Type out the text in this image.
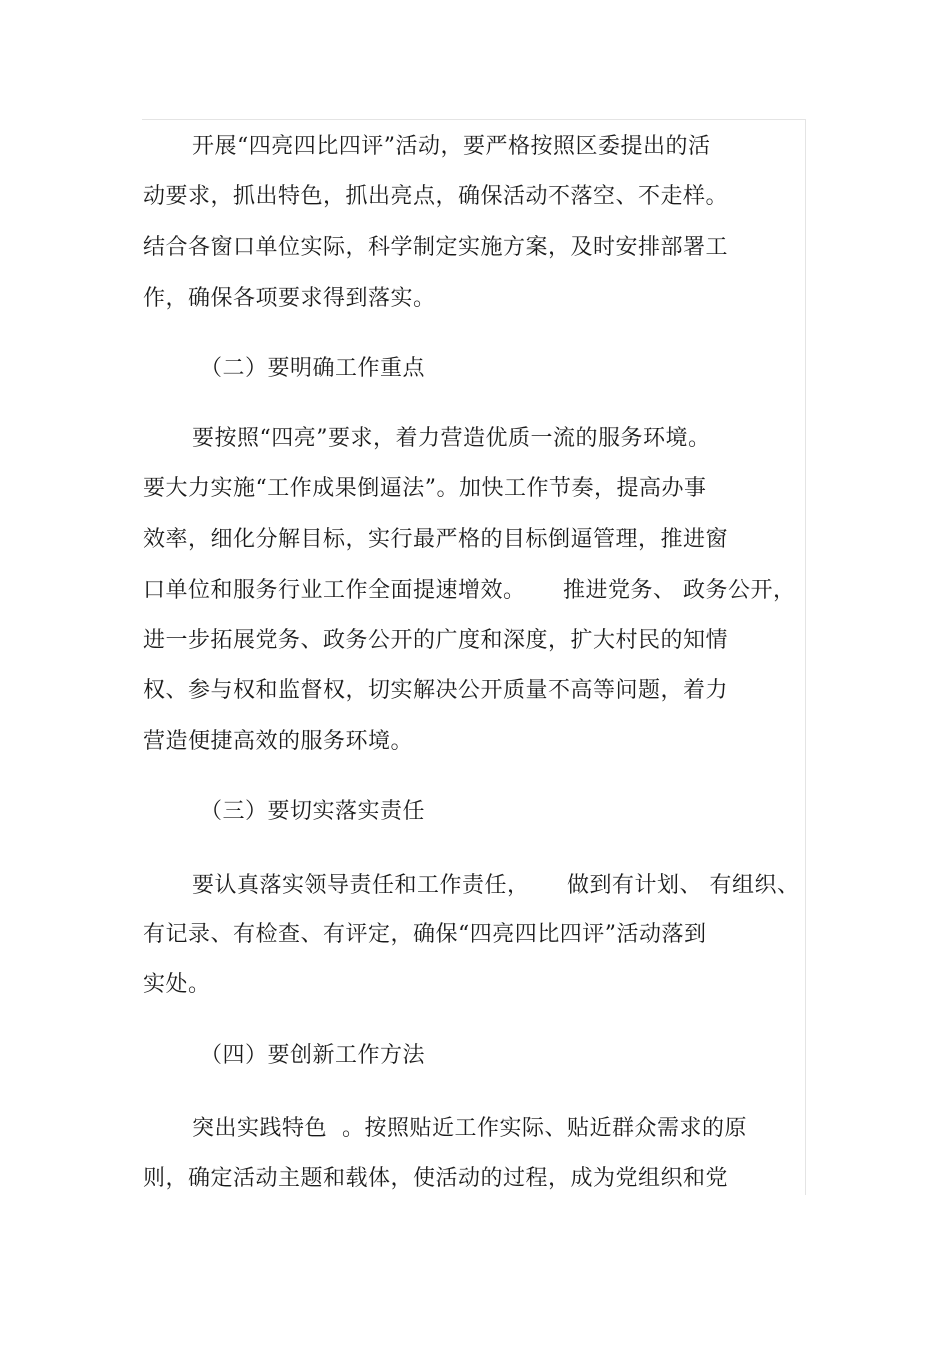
开展“四亮四比四评”活动，要严格按照区委提出的活
动要求，抓出特色，抓出亮点，确保活动不落空、不走样。
结合各窗口单位实际，科学制定实施方案，及时安排部署工
作，确保各项要求得到落实。
（二）要明确工作重点
要按照“四亮”要求，着力营造优质一流的服务环境。
要大力实施“工作成果倒逼法”。加快工作节奏，提高办事
效率，细化分解目标，实行最严格的目标倒逼管理，推进窗
口单位和服务行业工作全面提速增效。     推进党务、 政务公开，
进一步拓展党务、政务公开的广度和深度，扩大村民的知情
权、参与权和监督权，切实解决公开质量不高等问题，着力
营造便捷高效的服务环境。
（三）要切实落实责任
要认真落实领导责任和工作责任，     做到有计划、 有组织、
有记录、有检查、有评定，确保“四亮四比四评”活动落到
实处。
（四）要创新工作方法
突出实践特色  。按照贴近工作实际、贴近群众需求的原
则，确定活动主题和载体，使活动的过程，成为党组织和党
